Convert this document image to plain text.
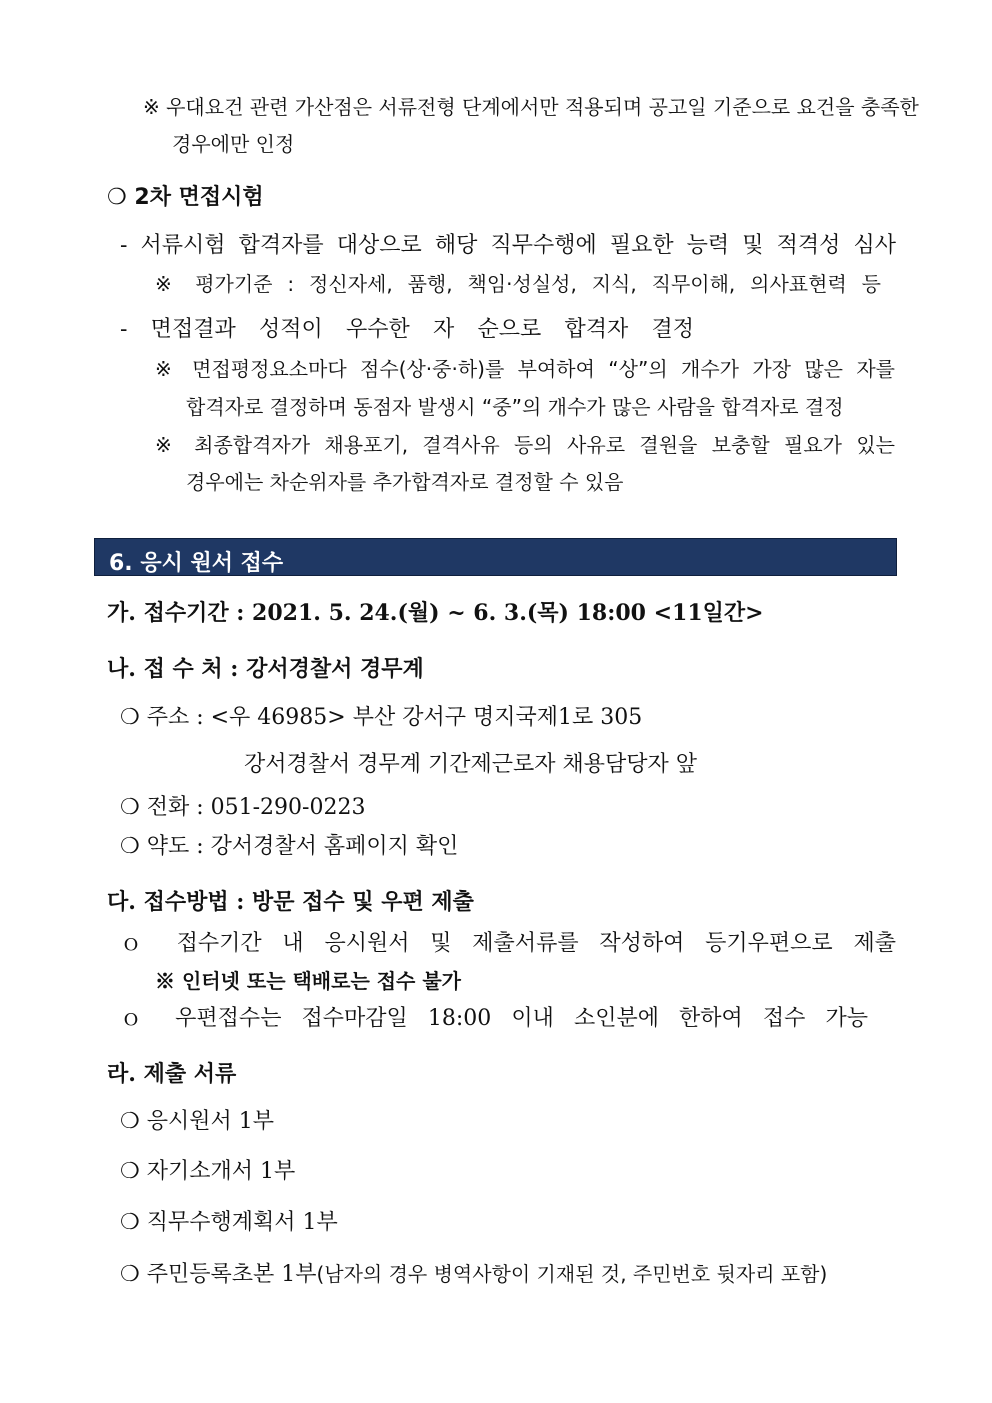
※ 우대요건 관련 가산점은 서류전형 단계에서만 적용되며 공고일 기준으로 요건을 충족한
경우에만 인정
❍ 2차 면접시험
- 서류시험 합격자를 대상으로 해당 직무수행에 필요한 능력 및 적격성 심사
※ 평가기준 : 정신자세, 품행, 책임·성실성, 지식, 직무이해, 의사표현력 등
- 면접결과 성적이 우수한 자 순으로 합격자 결정
※ 면접평정요소마다 점수(상·중·하)를 부여하여 “상”의 개수가 가장 많은 자를
합격자로 결정하며 동점자 발생시 “중”의 개수가 많은 사람을 합격자로 결정
※ 최종합격자가 채용포기, 결격사유 등의 사유로 결원을 보충할 필요가 있는
경우에는 차순위자를 추가합격자로 결정할 수 있음
6. 응시 원서 접수
가. 접수기간 : 2021. 5. 24.(월) ~ 6. 3.(목) 18:00 <11일간>
나. 접 수 처 : 강서경찰서 경무계
❍ 주소 : <우 46985> 부산 강서구 명지국제1로 305
강서경찰서 경무계 기간제근로자 채용담당자 앞
❍ 전화 : 051-290-0223
❍ 약도 : 강서경찰서 홈페이지 확인
다. 접수방법 : 방문 접수 및 우편 제출
ｏ 접수기간 내 응시원서 및 제출서류를 작성하여 등기우편으로 제출
※ 인터넷 또는 택배로는 접수 불가
ｏ 우편접수는 접수마감일 18:00 이내 소인분에 한하여 접수 가능
라. 제출 서류
❍ 응시원서 1부
❍ 자기소개서 1부
❍ 직무수행계획서 1부
❍ 주민등록초본 1부(남자의 경우 병역사항이 기재된 것, 주민번호 뒷자리 포함)
